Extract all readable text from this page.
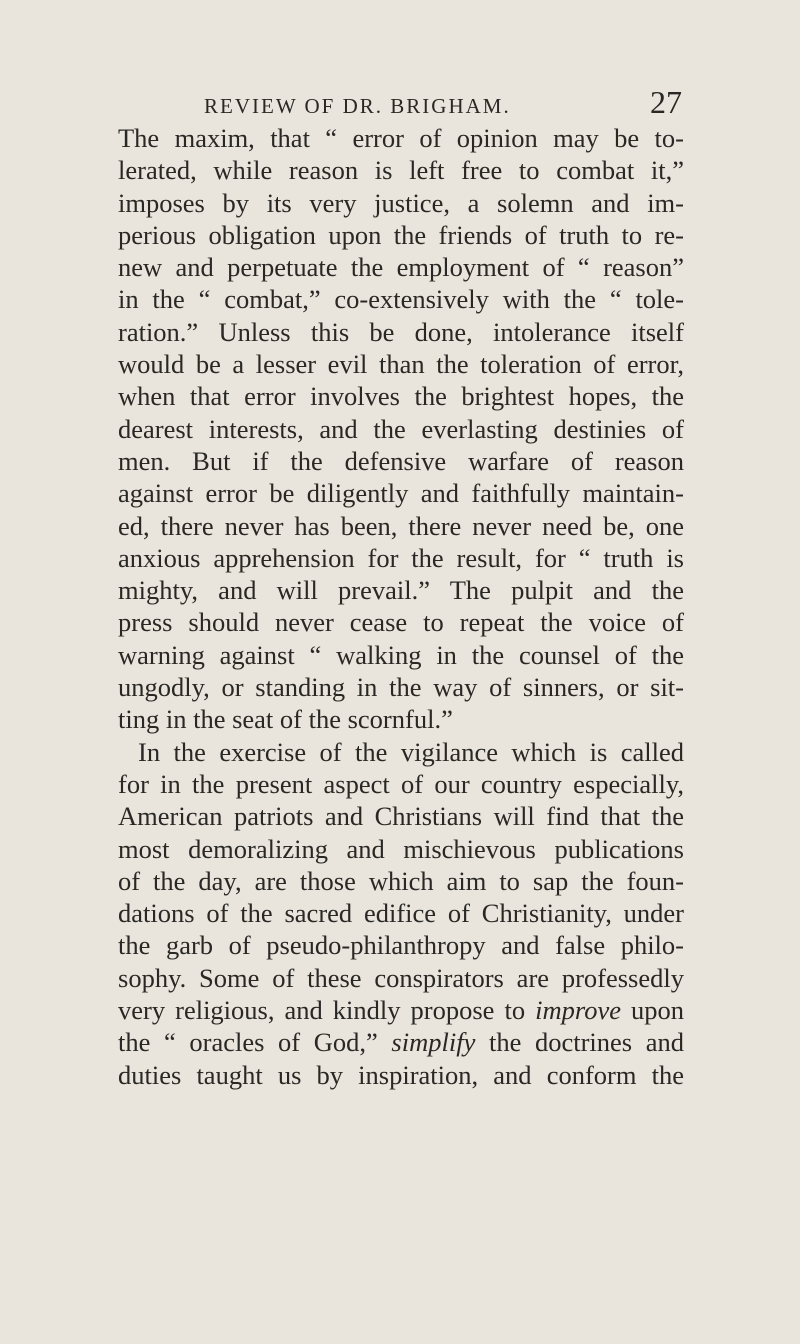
REVIEW OF DR. BRIGHAM.	27
The maxim, that “ error of opinion may be to-
lerated, while reason is left free to combat it,”
imposes by its very justice, a solemn and im-
perious obligation upon the friends of truth to re-
new and perpetuate the employment of “ reason”
in the “ combat,” co-extensively with the “ tole-
ration.” Unless this be done, intolerance itself
would be a lesser evil than the toleration of error,
when that error involves the brightest hopes, the
dearest interests, and the everlasting destinies of
men. But if the defensive warfare of reason
against error be diligently and faithfully maintain-
ed, there never has been, there never need be, one
anxious apprehension for the result, for “ truth is
mighty, and will prevail.” The pulpit and the
press should never cease to repeat the voice of
warning against “ walking in the counsel of the
ungodly, or standing in the way of sinners, or sit-
ting in the seat of the scornful.”
In the exercise of the vigilance which is called
for in the present aspect of our country especially,
American patriots and Christians will find that the
most demoralizing and mischievous publications
of the day, are those which aim to sap the foun-
dations of the sacred edifice of Christianity, under
the garb of pseudo-philanthropy and false philo-
sophy. Some of these conspirators are professedly
very religious, and kindly propose to improve upon
the “ oracles of God,” simplify the doctrines and
duties taught us by inspiration, and conform the
